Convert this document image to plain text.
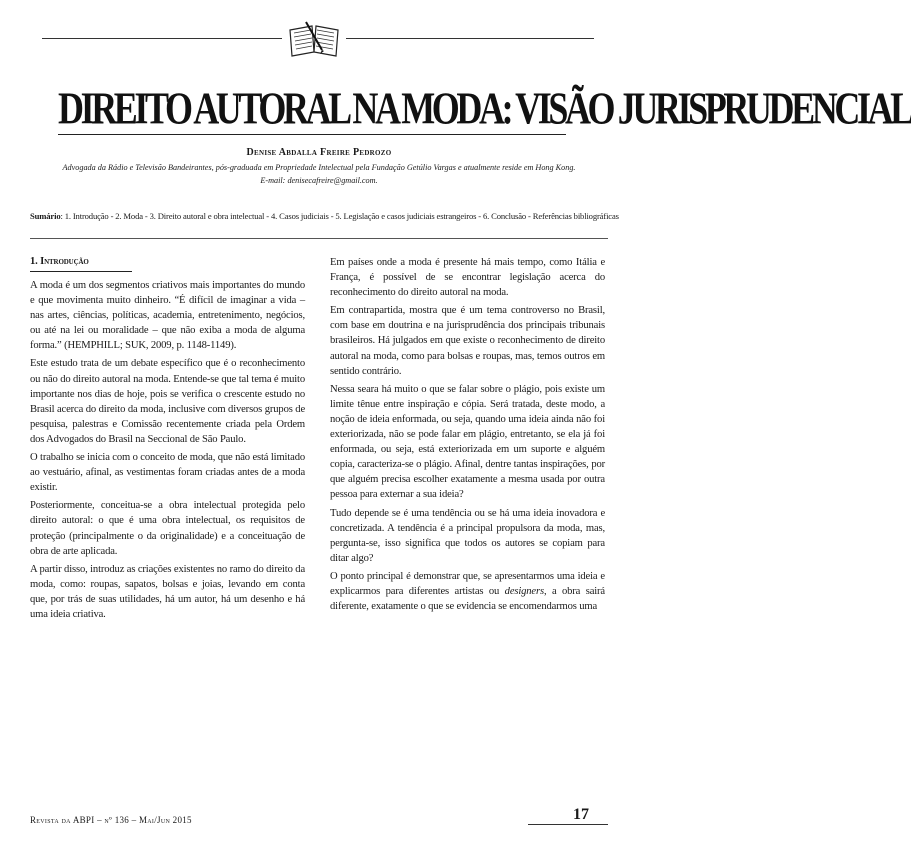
DIREITO AUTORAL NA MODA: VISÃO JURISPRUDENCIAL
Denise Abdalla Freire Pedrozo
Advogada da Rádio e Televisão Bandeirantes, pós-graduada em Propriedade Intelectual pela Fundação Getúlio Vargas e atualmente reside em Hong Kong.
E-mail: denisecafreire@gmail.com.
Sumário: 1. Introdução - 2. Moda - 3. Direito autoral e obra intelectual - 4. Casos judiciais - 5. Legislação e casos judiciais estrangeiros - 6. Conclusão - Referências bibliográficas
1. Introdução

A moda é um dos segmentos criativos mais importantes do mundo e que movimenta muito dinheiro. “É difícil de imaginar a vida – nas artes, ciências, políticas, academia, entretenimento, negócios, ou até na lei ou moralidade – que não exiba a moda de alguma forma.” (HEMPHILL; SUK, 2009, p. 1148-1149).

Este estudo trata de um debate específico que é o reconhecimento ou não do direito autoral na moda. Entende-se que tal tema é muito importante nos dias de hoje, pois se verifica o crescente estudo no Brasil acerca do direito da moda, inclusive com diversos grupos de pesquisa, palestras e Comissão recentemente criada pela Ordem dos Advogados do Brasil na Seccional de São Paulo.

O trabalho se inicia com o conceito de moda, que não está limitado ao vestuário, afinal, as vestimentas foram criadas antes de a moda existir.

Posteriormente, conceitua-se a obra intelectual protegida pelo direito autoral: o que é uma obra intelectual, os requisitos de proteção (principalmente o da originalidade) e a conceituação de obra de arte aplicada.

A partir disso, introduz as criações existentes no ramo do direito da moda, como: roupas, sapatos, bolsas e joias, levando em conta que, por trás de suas utilidades, há um autor, há um desenho e há uma ideia criativa.

Em países onde a moda é presente há mais tempo, como Itália e França, é possível de se encontrar legislação acerca do reconhecimento do direito autoral na moda.

Em contrapartida, mostra que é um tema controverso no Brasil, com base em doutrina e na jurisprudência dos principais tribunais brasileiros. Há julgados em que existe o reconhecimento de direito autoral na moda, como para bolsas e roupas, mas, temos outros em sentido contrário.

Nessa seara há muito o que se falar sobre o plágio, pois existe um limite tênue entre inspiração e cópia. Será tratada, deste modo, a noção de ideia enformada, ou seja, quando uma ideia ainda não foi exteriorizada, não se pode falar em plágio, entretanto, se ela já foi enformada, ou seja, está exteriorizada em um suporte e alguém copia, caracteriza-se o plágio. Afinal, dentre tantas inspirações, por que alguém precisa escolher exatamente a mesma usada por outra pessoa para externar a sua ideia?

Tudo depende se é uma tendência ou se há uma ideia inovadora e concretizada. A tendência é a principal propulsora da moda, mas, pergunta-se, isso significa que todos os autores se copiam para ditar algo?

O ponto principal é demonstrar que, se apresentarmos uma ideia e explicarmos para diferentes artistas ou designers, a obra sairá diferente, exatamente o que se evidencia se encomendarmos uma

Revista da ABPI – nº 136 – Mai/Jun 2015	17
